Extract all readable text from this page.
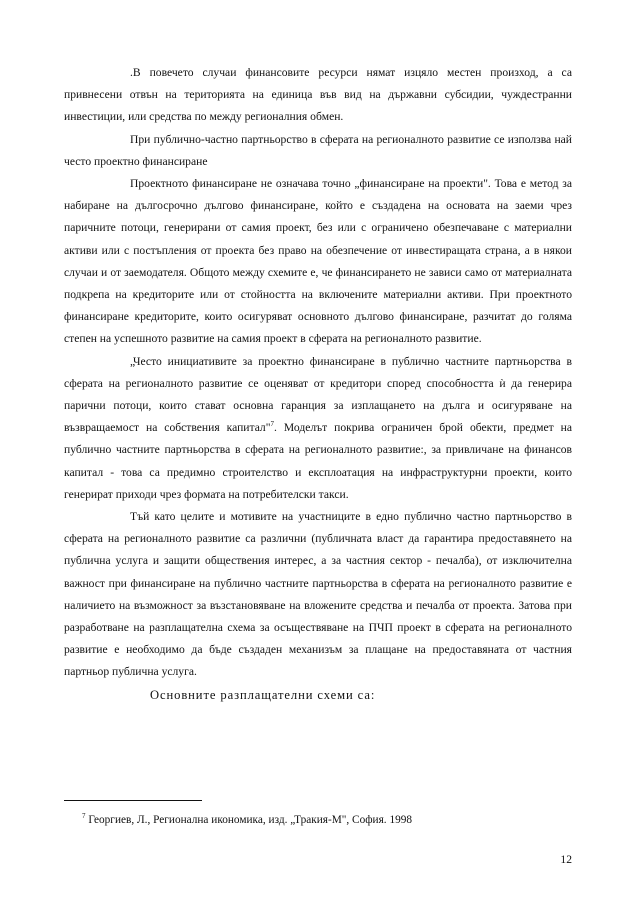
.В повечето случаи финансовите ресурси нямат изцяло местен произход, а са привнесени отвън на територията на единица във вид на държавни субсидии, чуждестранни инвестиции, или средства по между регионалния обмен.

При публично-частно партньорство в сферата на регионалното развитие се използва най често проектно финансиране

Проектното финансиране не означава точно „финансиране на проекти". Това е метод за набиране на дългосрочно дългово финансиране, който е създадена на основата на заеми чрез паричните потоци, генерирани от самия проект, без или с ограничено обезпечаване с материални активи или с постъпления от проекта без право на обезпечение от инвестиращата страна, а в някои случаи и от заемодателя. Общото между схемите е, че финансирането не зависи само от материалната подкрепа на кредиторите или от стойността на включените материални активи. При проектното финансиране кредиторите, които осигуряват основното дългово финансиране, разчитат до голяма степен на успешното развитие на самия проект в сферата на регионалното развитие.

„Често инициативите за проектно финансиране в публично частните партньорства в сферата на регионалното развитие се оценяват от кредитори според способността ѝ да генерира парични потоци, които стават основна гаранция за изплащането на дълга и осигуряване на възвращаемост на собствения капитал"$^7$. Моделът покрива ограничен брой обекти, предмет на публично частните партньорства в сферата на регионалното развитие:, за привличане на финансов капитал - това са предимно строителство и експлоатация на инфраструктурни проекти, които генерират приходи чрез формата на потребителски такси.

Тъй като целите и мотивите на участниците в едно публично частно партньорство в сферата на регионалното развитие са различни (публичната власт да гарантира предоставянето на публична услуга и защити обществения интерес, а за частния сектор - печалба), от изключителна важност при финансиране на публично частните партньорства в сферата на регионалното развитие е наличието на възможност за възстановяване на вложените средства и печалба от проекта. Затова при разработване на разплащателна схема за осъществяване на ПЧП проект в сферата на регионалното развитие е необходимо да бъде създаден механизъм за плащане на предоставяната от частния партньор публична услуга.

Основните разплащателни схеми са:

$^7$ Георгиев, Л., Регионална икономика, изд. „Тракия-М", София. 1998
12
